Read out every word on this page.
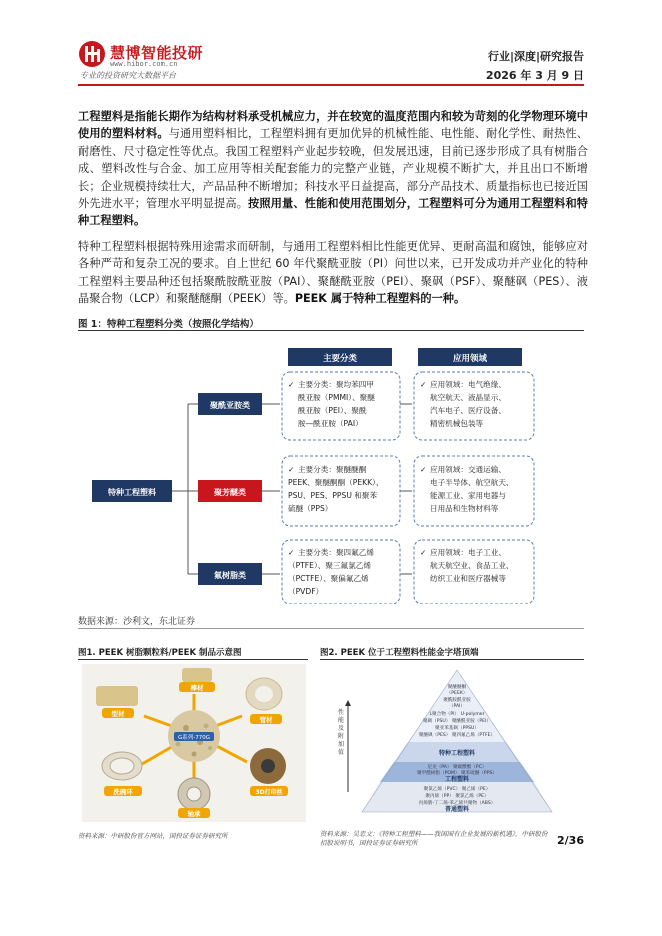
慧博智能投研
www.hibor.com.cn
专业的投资研究大数据平台
行业|深度|研究报告
2026 年 3 月 9 日
工程塑料是指能长期作为结构材料承受机械应力，并在较宽的温度范围内和较为苛刻的化学物理环境中使用的塑料材料。与通用塑料相比，工程塑料拥有更加优异的机械性能、电性能、耐化学性、耐热性、耐磨性、尺寸稳定性等优点。我国工程塑料产业起步较晚，但发展迅速，目前已逐步形成了具有树脂合成、塑料改性与合金、加工应用等相关配套能力的完整产业链，产业规模不断扩大，并且出口不断增长；企业规模持续壮大，产品品种不断增加；科技水平日益提高，部分产品技术、质量指标也已接近国外先进水平；管理水平明显提高。按照用量、性能和使用范围划分，工程塑料可分为通用工程塑料和特种工程塑料。
特种工程塑料根据特殊用途需求而研制，与通用工程塑料相比性能更优异、更耐高温和腐蚀，能够应对各种严苛和复杂工况的要求。自上世纪 60 年代聚酰亚胺（PI）问世以来，已开发成功并产业化的特种工程塑料主要品种还包括聚酰胺酰亚胺（PAI）、聚醚酰亚胺（PEI）、聚砜（PSF）、聚醚砜（PES）、液晶聚合物（LCP）和聚醚醚酮（PEEK）等。PEEK 属于特种工程塑料的一种。
图 1：特种工程塑料分类（按照化学结构）
主要分类	应用领域
特种工程塑料
聚酰亚胺类
聚芳醚类
氟树脂类
✓ 主要分类：聚均苯四甲
酰亚胺（PMMI）、聚醚
酰亚胺（PEI）、聚酰
胺—酰亚胺（PAI）
✓ 应用领域：电气绝缘、
航空航天、液晶显示、
汽车电子、医疗设备、
精密机械包装等
✓ 主要分类：聚醚醚酮
PEEK、聚醚酮酮（PEKK）、
PSU、PES、PPSU 和聚苯
硫醚（PPS）
✓ 应用领域：交通运输、
电子半导体、航空航天、
能源工业、家用电器与
日用品和生物材料等
✓ 主要分类：聚四氟乙烯
（PTFE）、聚三氟氯乙烯
（PCTFE）、聚偏氟乙烯
（PVDF）
✓ 应用领域：电子工业、
航天航空业、食品工业、
纺织工业和医疗器械等
数据来源：沙利文，东北证券
图1. PEEK 树脂颗粒料/PEEK 制品示意图
G系列-770G
棒材
管材
3D打印丝
轴承
洗碗环
型材
资料来源：中研股份官方网站，国投证券证券研究所
图2. PEEK 位于工程塑料性能金字塔顶端
性能及 附加值
性能及附加值
聚醚醚酮
（PEEK）
聚酰胺酰亚胺
（PAI）
L聚合物（PI） U-polymer
聚砜（PSU） 聚醚酰亚胺（PEI）
聚亚苯基砜（PPSU）
聚醚砜（PES） 聚四氟乙烯（PTFE）
尼龙（PA） 聚碳酸酯（PC）
聚甲醛树脂（POM） 聚苯硫醚（PPS）
聚氯乙烯（PVC） 聚乙烯（PE）
聚丙烯（PP） 聚氯乙烯（PE）
丙烯腈-丁二烯-苯乙烯共聚物（ABS）
特种工程塑料
工程塑料
普通塑料
资料来源：吴忠文：《特种工程塑料——我国国有企业发展的新机遇》，中研股份招股说明书，国投证券证券研究所	2/36
